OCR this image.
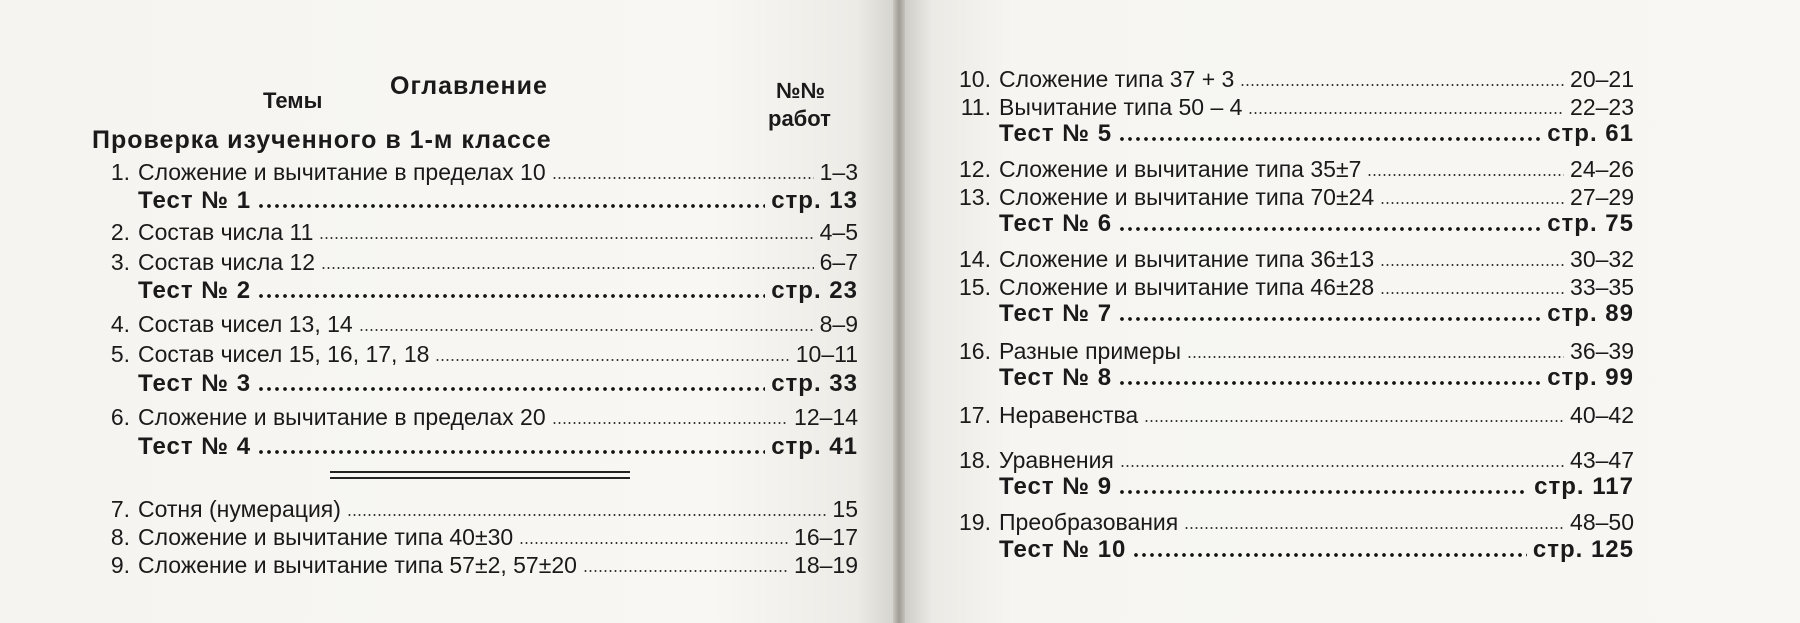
Темы
Оглавление	№№
работ
Проверка изученного в 1-м классе
1. Сложение и вычитание в пределах 10	1–3
Тест № 1	стр. 13
2. Состав числа 11	4–5
3. Состав числа 12	6–7
Тест № 2	стр. 23
4. Состав чисел 13, 14	8–9
5. Состав чисел 15, 16, 17, 18	10–11
Тест № 3	стр. 33
6. Сложение и вычитание в пределах 20	12–14
Тест № 4	стр. 41
7. Сотня (нумерация)	15
8. Сложение и вычитание типа 40±30	16–17
9. Сложение и вычитание типа 57±2, 57±20	18–19
10. Сложение типа 37 + 3	20–21
11. Вычитание типа 50 – 4	22–23
Тест № 5	стр. 61
12. Сложение и вычитание типа 35±7	24–26
13. Сложение и вычитание типа 70±24	27–29
Тест № 6	стр. 75
14. Сложение и вычитание типа 36±13	30–32
15. Сложение и вычитание типа 46±28	33–35
Тест № 7	стр. 89
16. Разные примеры	36–39
Тест № 8	стр. 99
17. Неравенства	40–42
18. Уравнения	43–47
Тест № 9	стр. 117
19. Преобразования	48–50
Тест № 10	стр. 125
